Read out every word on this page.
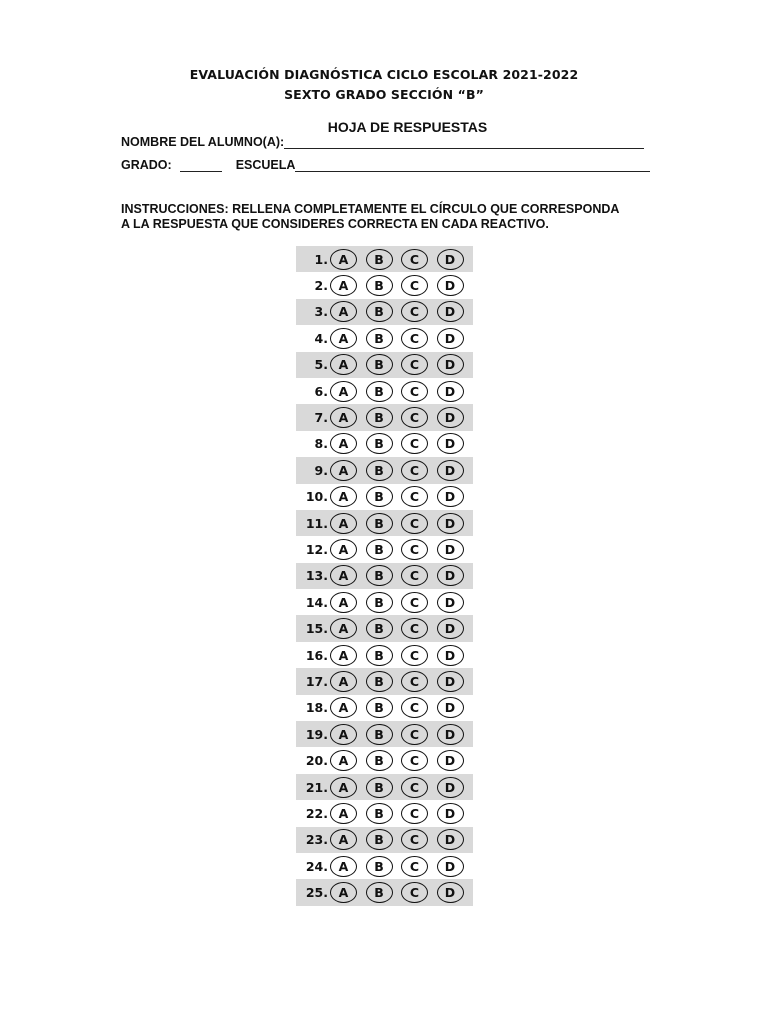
EVALUACIÓN DIAGNÓSTICA CICLO ESCOLAR 2021-2022
SEXTO GRADO SECCIÓN “B”
HOJA DE RESPUESTAS
NOMBRE DEL ALUMNO(A):
GRADO:	ESCUELA
INSTRUCCIONES: RELLENA COMPLETAMENTE EL CÍRCULO QUE CORRESPONDA
A LA RESPUESTA QUE CONSIDERES CORRECTA EN CADA REACTIVO.
1. A	B	C	D
2. A	B	C	D
3. A	B	C	D
4. A	B	C	D
5. A	B	C	D
6. A	B	C	D
7. A	B	C	D
8. A	B	C	D
9. A	B	C	D
10. A	B	C	D
11. A	B	C	D
12. A	B	C	D
13. A	B	C	D
14. A	B	C	D
15. A	B	C	D
16. A	B	C	D
17. A	B	C	D
18. A	B	C	D
19. A	B	C	D
20. A	B	C	D
21. A	B	C	D
22. A	B	C	D
23. A	B	C	D
24. A	B	C	D
25. A	B	C	D
